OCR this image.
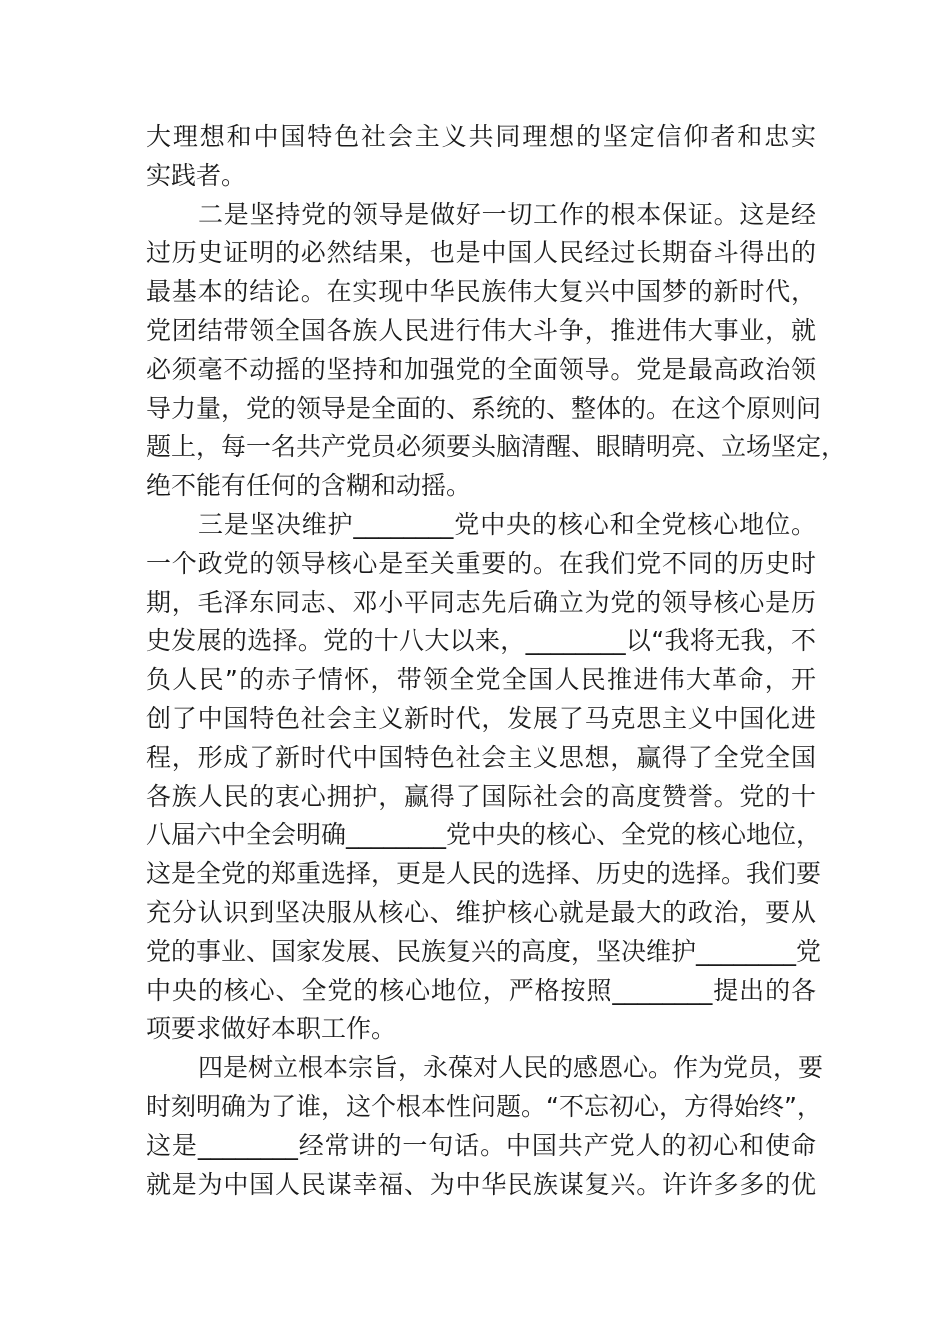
大理想和中国特色社会主义共同理想的坚定信仰者和忠实
实践者。
二是坚持党的领导是做好一切工作的根本保证。这是经
过历史证明的必然结果，也是中国人民经过长期奋斗得出的
最基本的结论。在实现中华民族伟大复兴中国梦的新时代，
党团结带领全国各族人民进行伟大斗争，推进伟大事业，就
必须毫不动摇的坚持和加强党的全面领导。党是最高政治领
导力量，党的领导是全面的、系统的、整体的。在这个原则问
题上，每一名共产党员必须要头脑清醒、眼睛明亮、立场坚定，
绝不能有任何的含糊和动摇。
三是坚决维护________党中央的核心和全党核心地位。
一个政党的领导核心是至关重要的。在我们党不同的历史时
期，毛泽东同志、邓小平同志先后确立为党的领导核心是历
史发展的选择。党的十八大以来，________以“我将无我，不
负人民”的赤子情怀，带领全党全国人民推进伟大革命，开
创了中国特色社会主义新时代，发展了马克思主义中国化进
程，形成了新时代中国特色社会主义思想，赢得了全党全国
各族人民的衷心拥护，赢得了国际社会的高度赞誉。党的十
八届六中全会明确________党中央的核心、全党的核心地位，
这是全党的郑重选择，更是人民的选择、历史的选择。我们要
充分认识到坚决服从核心、维护核心就是最大的政治，要从
党的事业、国家发展、民族复兴的高度，坚决维护________党
中央的核心、全党的核心地位，严格按照________提出的各
项要求做好本职工作。
四是树立根本宗旨，永葆对人民的感恩心。作为党员，要
时刻明确为了谁，这个根本性问题。“不忘初心，方得始终”，
这是________经常讲的一句话。中国共产党人的初心和使命
就是为中国人民谋幸福、为中华民族谋复兴。许许多多的优
